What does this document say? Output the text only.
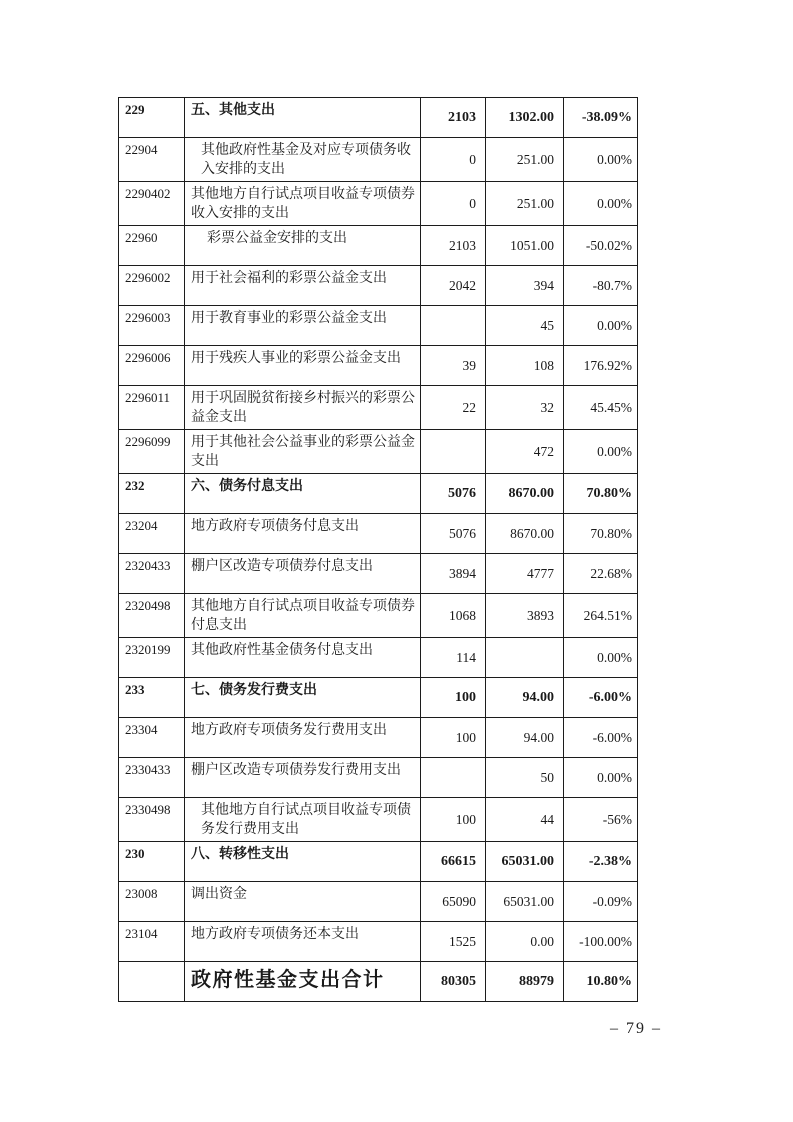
229	五、其他支出	2103	1302.00	-38.09%
22904	其他政府性基金及对应专项债务收入安排的支出	0	251.00	0.00%
2290402	其他地方自行试点项目收益专项债券收入安排的支出	0	251.00	0.00%
22960	彩票公益金安排的支出	2103	1051.00	-50.02%
2296002	用于社会福利的彩票公益金支出	2042	394	-80.7%
2296003	用于教育事业的彩票公益金支出		45	0.00%
2296006	用于残疾人事业的彩票公益金支出	39	108	176.92%
2296011	用于巩固脱贫衔接乡村振兴的彩票公益金支出	22	32	45.45%
2296099	用于其他社会公益事业的彩票公益金支出		472	0.00%
232	六、债务付息支出	5076	8670.00	70.80%
23204	地方政府专项债务付息支出	5076	8670.00	70.80%
2320433	棚户区改造专项债券付息支出	3894	4777	22.68%
2320498	其他地方自行试点项目收益专项债券付息支出	1068	3893	264.51%
2320199	其他政府性基金债务付息支出	114		0.00%
233	七、债务发行费支出	100	94.00	-6.00%
23304	地方政府专项债务发行费用支出	100	94.00	-6.00%
2330433	棚户区改造专项债券发行费用支出		50	0.00%
2330498	其他地方自行试点项目收益专项债务发行费用支出	100	44	-56%
230	八、转移性支出	66615	65031.00	-2.38%
23008	调出资金	65090	65031.00	-0.09%
23104	地方政府专项债务还本支出	1525	0.00	-100.00%
	政府性基金支出合计	80305	88979	10.80%
– 79 –
